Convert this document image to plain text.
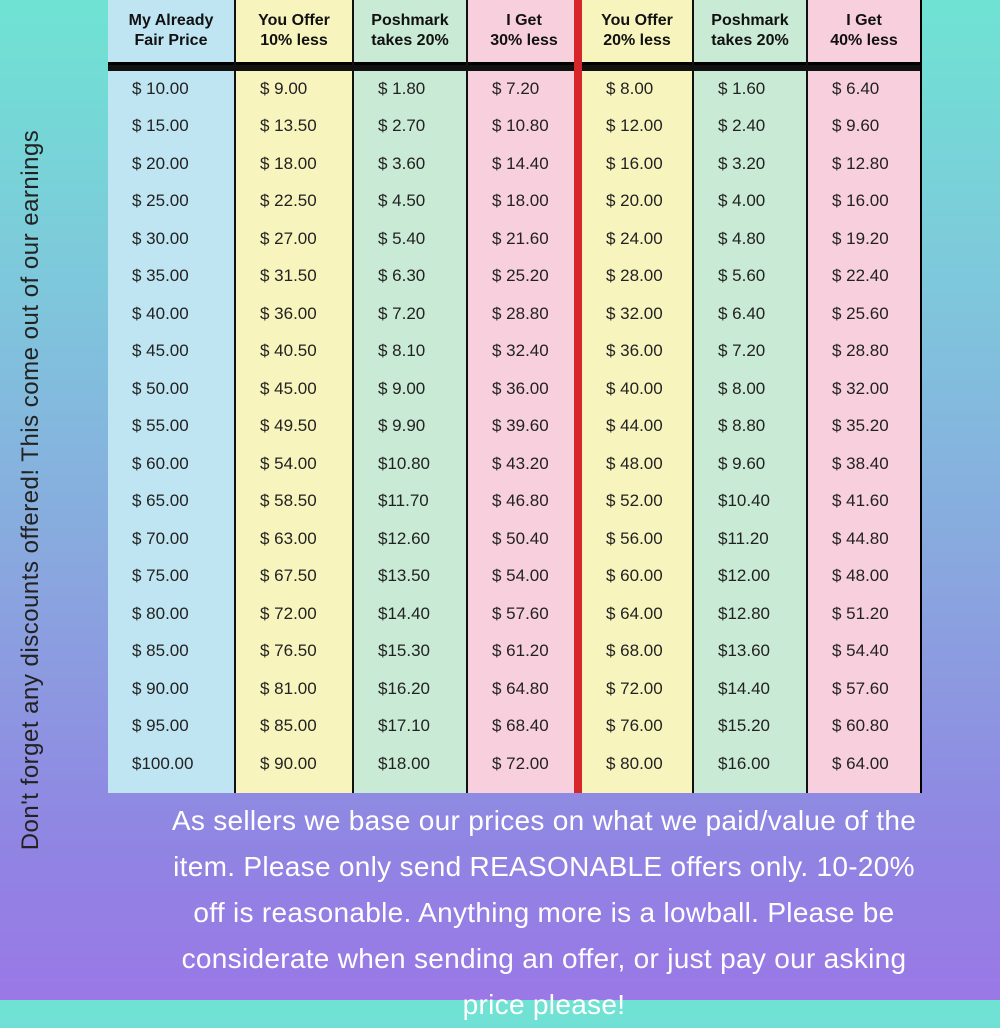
My Already
Fair Price
$ 10.00
$ 15.00
$ 20.00
$ 25.00
$ 30.00
$ 35.00
$ 40.00
$ 45.00
$ 50.00
$ 55.00
$ 60.00
$ 65.00
$ 70.00
$ 75.00
$ 80.00
$ 85.00
$ 90.00
$ 95.00
$100.00
You Offer
10% less
$ 9.00
$ 13.50
$ 18.00
$ 22.50
$ 27.00
$ 31.50
$ 36.00
$ 40.50
$ 45.00
$ 49.50
$ 54.00
$ 58.50
$ 63.00
$ 67.50
$ 72.00
$ 76.50
$ 81.00
$ 85.00
$ 90.00
Poshmark
takes 20%
$ 1.80
$ 2.70
$ 3.60
$ 4.50
$ 5.40
$ 6.30
$ 7.20
$ 8.10
$ 9.00
$ 9.90
$10.80
$11.70
$12.60
$13.50
$14.40
$15.30
$16.20
$17.10
$18.00
I Get
30% less
$ 7.20
$ 10.80
$ 14.40
$ 18.00
$ 21.60
$ 25.20
$ 28.80
$ 32.40
$ 36.00
$ 39.60
$ 43.20
$ 46.80
$ 50.40
$ 54.00
$ 57.60
$ 61.20
$ 64.80
$ 68.40
$ 72.00
You Offer
20% less
$ 8.00
$ 12.00
$ 16.00
$ 20.00
$ 24.00
$ 28.00
$ 32.00
$ 36.00
$ 40.00
$ 44.00
$ 48.00
$ 52.00
$ 56.00
$ 60.00
$ 64.00
$ 68.00
$ 72.00
$ 76.00
$ 80.00
Poshmark
takes 20%
$ 1.60
$ 2.40
$ 3.20
$ 4.00
$ 4.80
$ 5.60
$ 6.40
$ 7.20
$ 8.00
$ 8.80
$ 9.60
$10.40
$11.20
$12.00
$12.80
$13.60
$14.40
$15.20
$16.00
I Get
40% less
$ 6.40
$ 9.60
$ 12.80
$ 16.00
$ 19.20
$ 22.40
$ 25.60
$ 28.80
$ 32.00
$ 35.20
$ 38.40
$ 41.60
$ 44.80
$ 48.00
$ 51.20
$ 54.40
$ 57.60
$ 60.80
$ 64.00
Don't forget any discounts offered! This come out of our earnings	As sellers we base our prices on what we paid/value of the item. Please only send REASONABLE offers only. 10-20% off is reasonable. Anything more is a lowball. Please be considerate when sending an offer, or just pay our asking price please!
